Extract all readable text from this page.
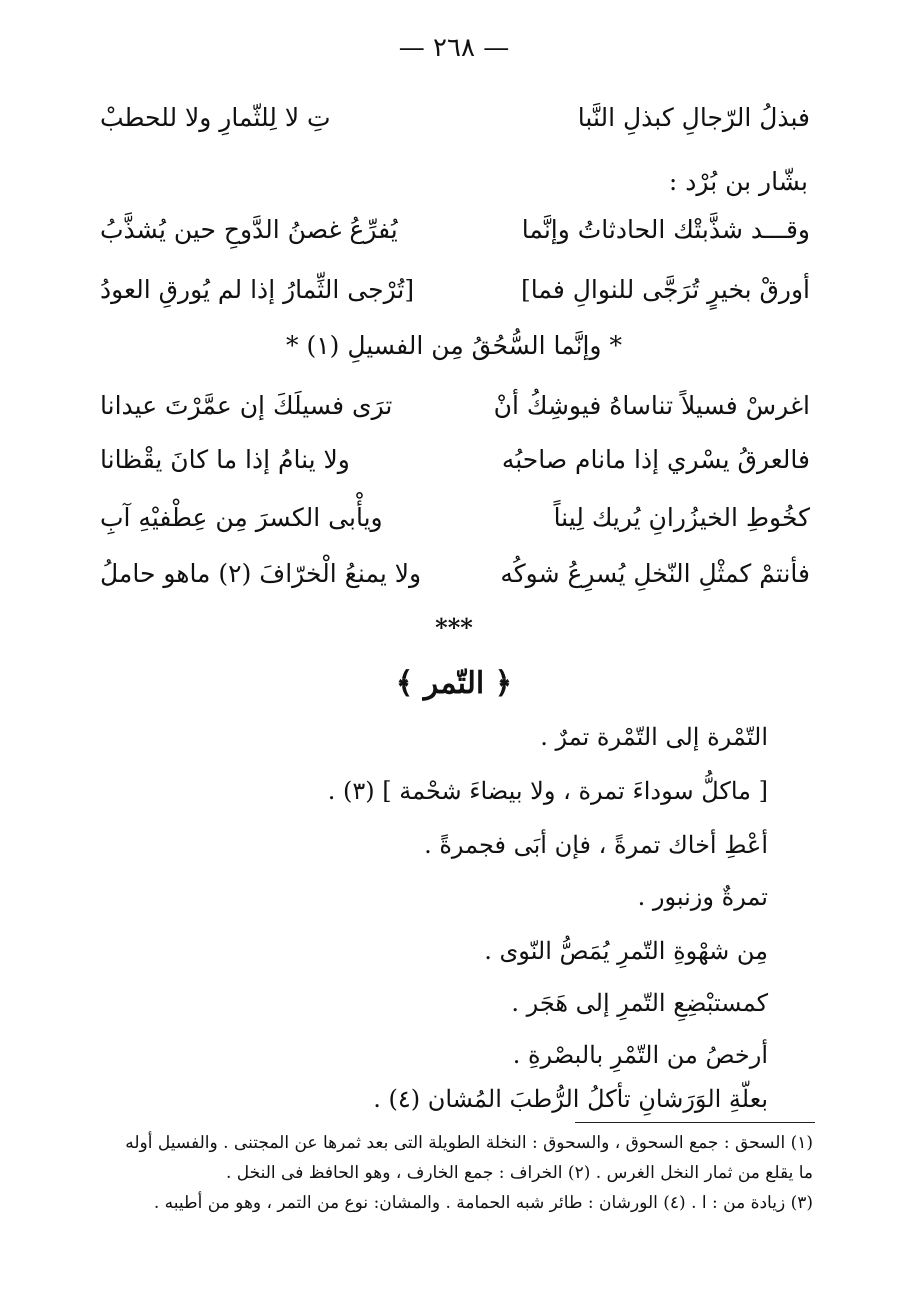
— ٢٦٨ —
فبذلُ الرّجالِ كبذلِ النَّبا
تِ لا لِلثّمارِ ولا للحطبْ
بشّار بن بُرْد :
وقـــد شذَّبتْك الحادثاتُ وإنَّما
يُفرِّعُ غصنُ الدَّوحِ حين يُشذَّبُ
[أورقْ بخيرٍ تُرَجَّى للنوالِ فما
تُرْجى الثِّمارُ إذا لم يُورقِ العودُ]
* وإنَّما السُّحُقُ مِن الفسيلِ (١) *
اغرسْ فسيلاً تناساهُ فيوشِكُ أنْ
ترَى فسيلَكَ إن عمَّرْتَ عيدانا
فالعرقُ يسْري إذا مانام صاحبُه
ولا ينامُ إذا ما كانَ يقْظانا
كخُوطِ الخيزُرانِ يُريك لِيناً
ويأْبى الكسرَ مِن عِطْفيْهِ آبِ
فأنتمْ كمثْلِ النّخلِ يُسرِعُ شوكُه
ولا يمنعُ الْخرّافَ (٢) ماهو حاملُ
***
﴿ التّمر ﴾
التّمْرة إلى التّمْرة تمرٌ .
[ ماكلُّ سوداءَ تمرة ، ولا بيضاءَ شحْمة ] (٣) .
أعْطِ أخاك تمرةً ، فإن أبَى فجمرةً .
تمرةٌ وزنبور .
مِن شهْوةِ التّمرِ يُمَصُّ النّوى .
كمستبْضِعِ التّمرِ إلى هَجَر .
أرخصُ من التّمْرِ بالبصْرةِ .
بعلّةِ الوَرَشانِ تأكلُ الرُّطبَ المُشان (٤) .
(١) السحق : جمع السحوق ، والسحوق : النخلة الطويلة التى بعد ثمرها عن المجتنى . والفسيل أوله
ما يقلع من ثمار النخل الغرس . (٢) الخراف : جمع الخارف ، وهو الحافظ فى النخل .
(٣) زيادة من : ا . (٤) الورشان : طائر شبه الحمامة . والمشان: نوع من التمر ، وهو من أطيبه .
